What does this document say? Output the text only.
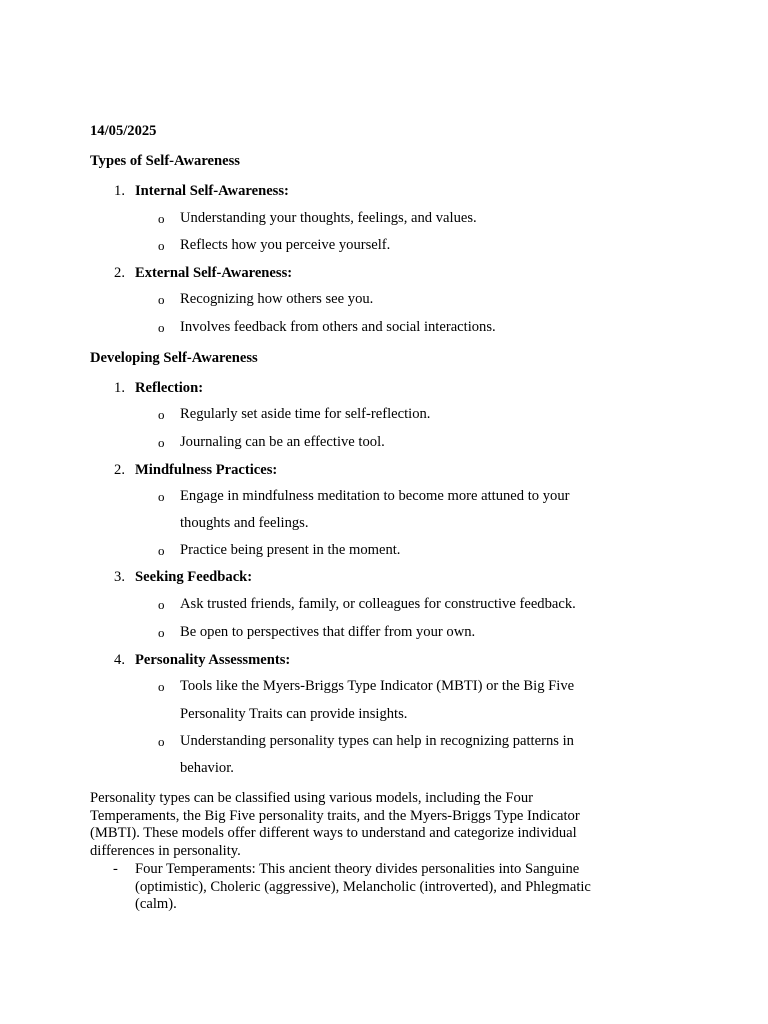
14/05/2025
Types of Self-Awareness
1. Internal Self-Awareness:
o Understanding your thoughts, feelings, and values.
o Reflects how you perceive yourself.
2. External Self-Awareness:
o Recognizing how others see you.
o Involves feedback from others and social interactions.
Developing Self-Awareness
1. Reflection:
o Regularly set aside time for self-reflection.
o Journaling can be an effective tool.
2. Mindfulness Practices:
o Engage in mindfulness meditation to become more attuned to your
thoughts and feelings.
o Practice being present in the moment.
3. Seeking Feedback:
o Ask trusted friends, family, or colleagues for constructive feedback.
o Be open to perspectives that differ from your own.
4. Personality Assessments:
o Tools like the Myers-Briggs Type Indicator (MBTI) or the Big Five
Personality Traits can provide insights.
o Understanding personality types can help in recognizing patterns in
behavior.
Personality types can be classified using various models, including the Four Temperaments, the Big Five personality traits, and the Myers-Briggs Type Indicator (MBTI). These models offer different ways to understand and categorize individual differences in personality.
- Four Temperaments: This ancient theory divides personalities into Sanguine (optimistic), Choleric (aggressive), Melancholic (introverted), and Phlegmatic (calm).
